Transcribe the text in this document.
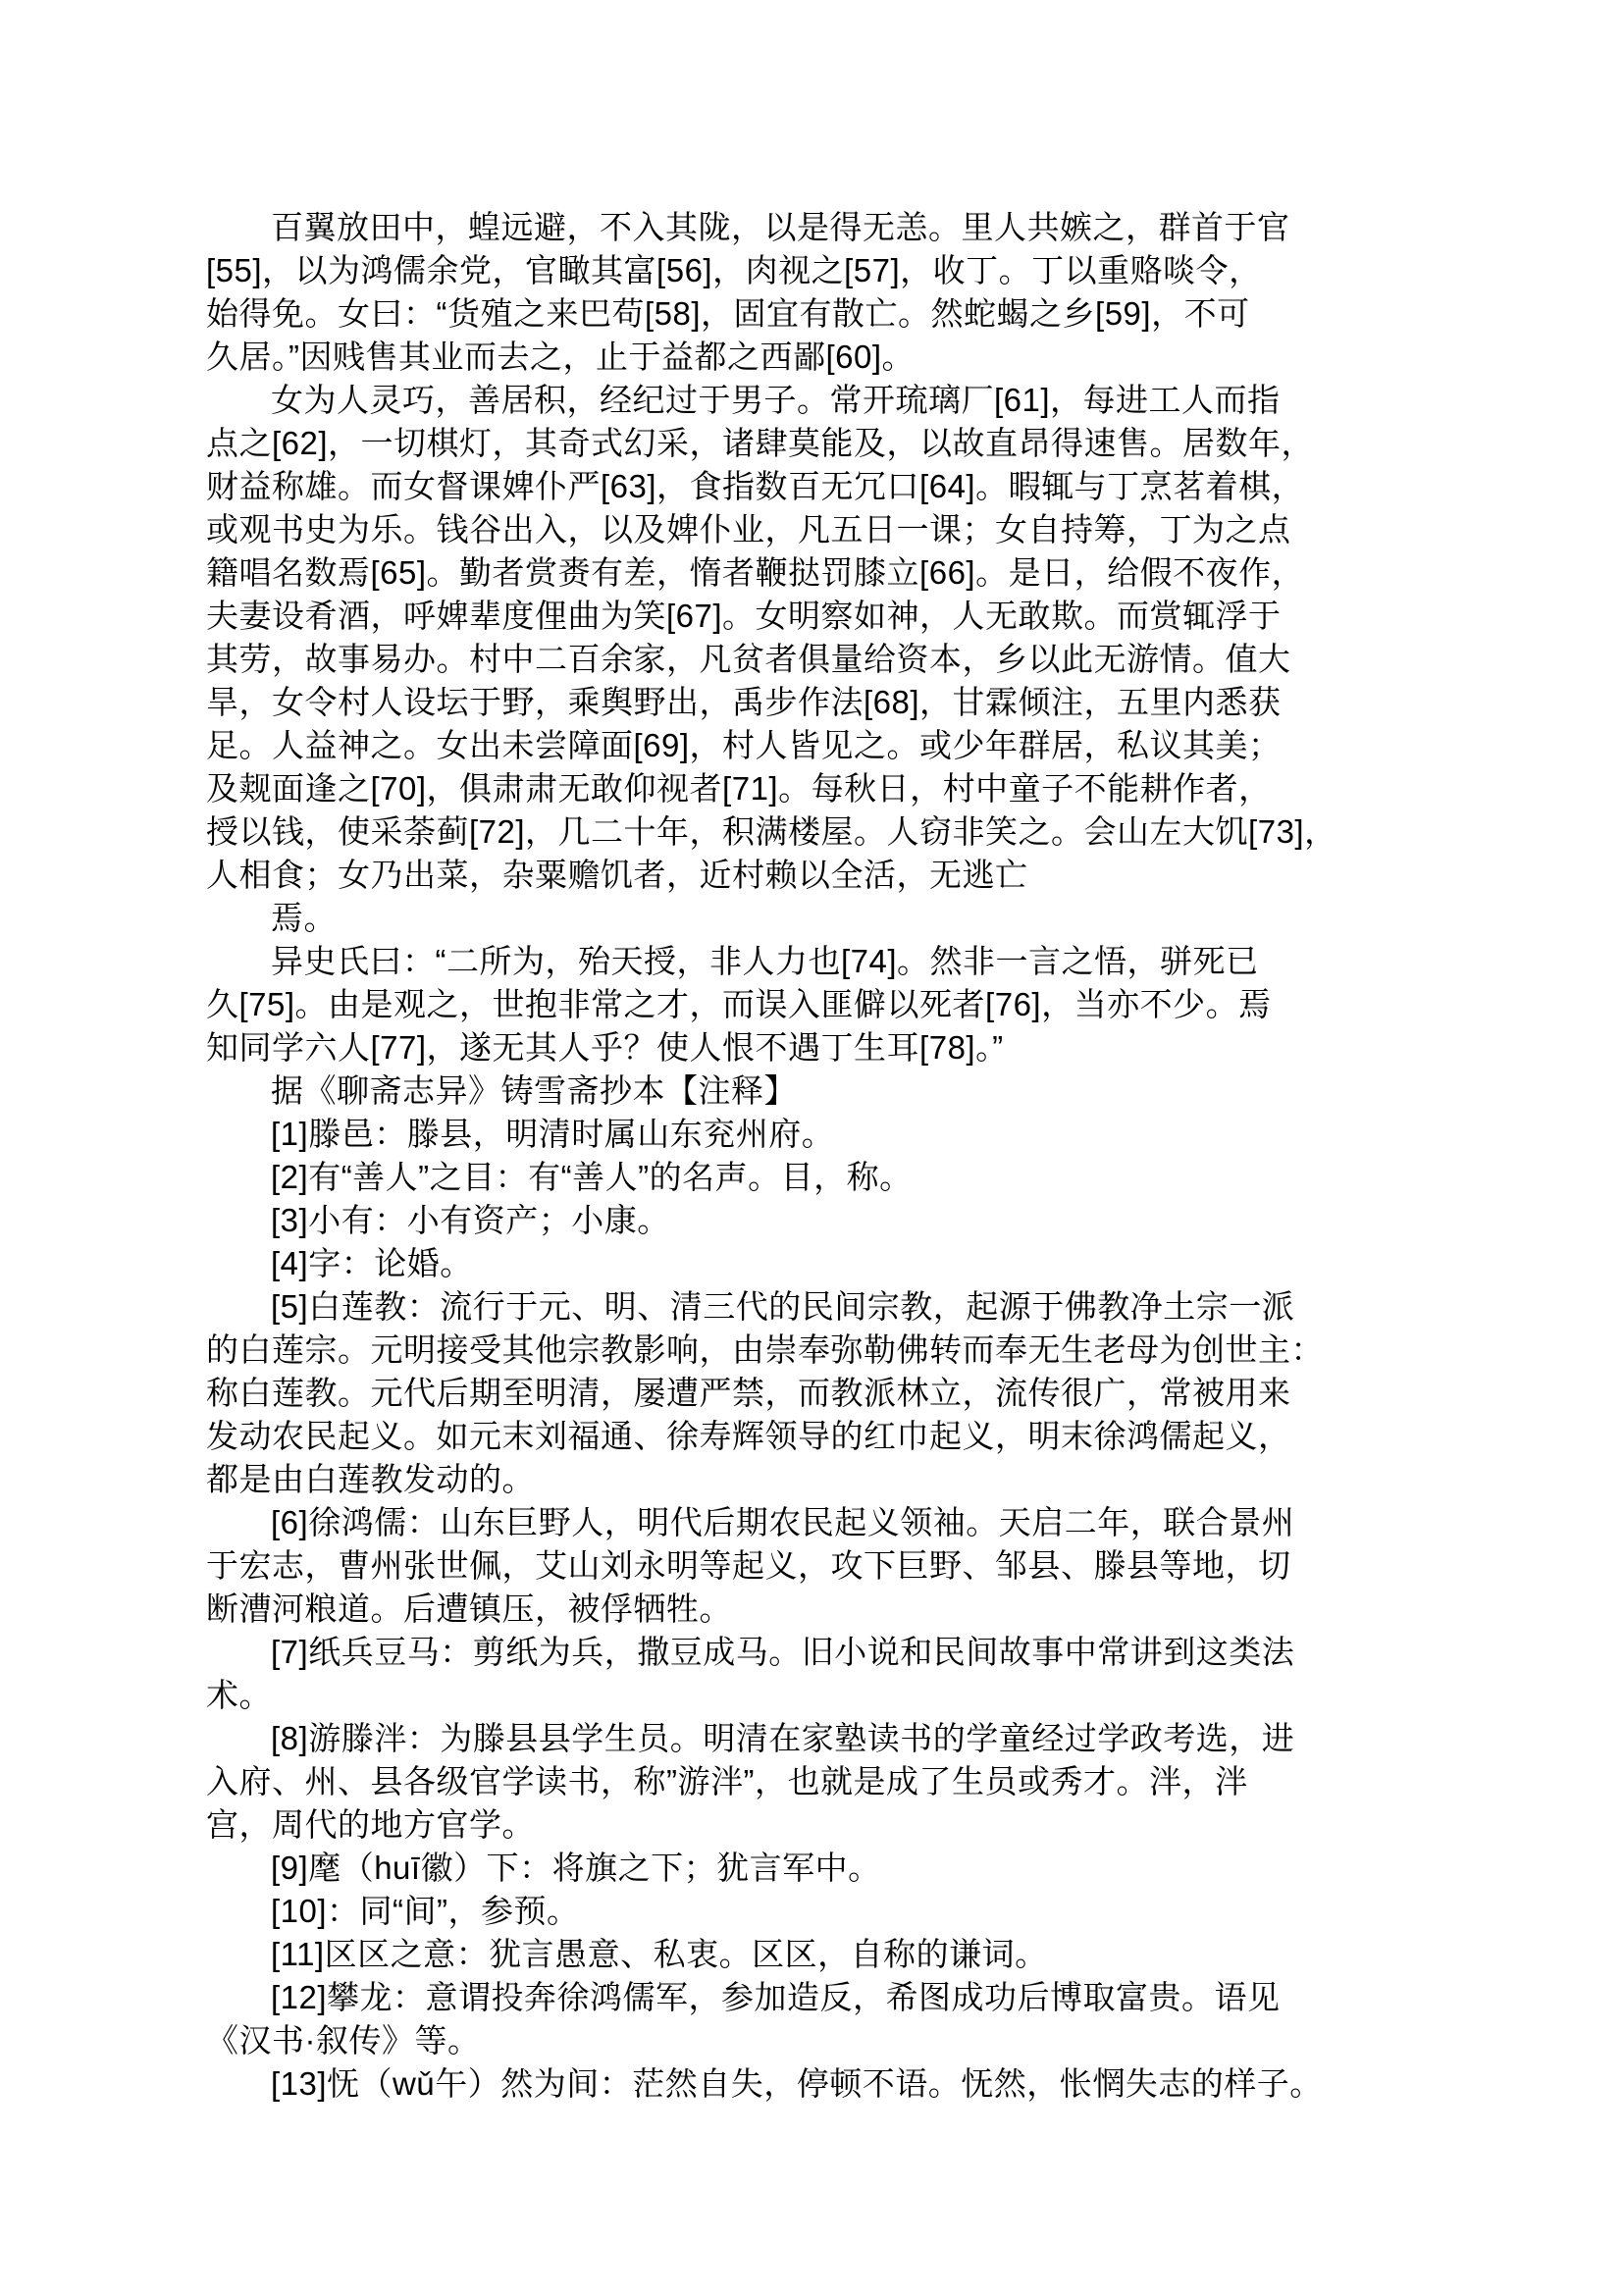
百翼放田中，蝗远避，不入其陇，以是得无恙。里人共嫉之，群首于官
[55]，以为鸿儒余党，官瞰其富[56]，肉视之[57]，收丁。丁以重赂啖令，
始得免。女曰：“货殖之来巴苟[58]，固宜有散亡。然蛇蝎之乡[59]，不可
久居。”因贱售其业而去之，止于益都之西鄙[60]。
女为人灵巧，善居积，经纪过于男子。常开琉璃厂[61]，每进工人而指
点之[62]，一切棋灯，其奇式幻采，诸肆莫能及，以故直昂得速售。居数年，
财益称雄。而女督课婢仆严[63]，食指数百无冗口[64]。暇辄与丁烹茗着棋，
或观书史为乐。钱谷出入，以及婢仆业，凡五日一课；女自持筹，丁为之点
籍唱名数焉[65]。勤者赏赉有差，惰者鞭挞罚膝立[66]。是日，给假不夜作，
夫妻设肴酒，呼婢辈度俚曲为笑[67]。女明察如神，人无敢欺。而赏辄浮于
其劳，故事易办。村中二百余家，凡贫者俱量给资本，乡以此无游情。值大
旱，女令村人设坛于野，乘舆野出，禹步作法[68]，甘霖倾注，五里内悉获
足。人益神之。女出未尝障面[69]，村人皆见之。或少年群居，私议其美；
及觌面逢之[70]，俱肃肃无敢仰视者[71]。每秋日，村中童子不能耕作者，
授以钱，使采荼蓟[72]，几二十年，积满楼屋。人窃非笑之。会山左大饥[73]，
人相食；女乃出菜，杂粟赡饥者，近村赖以全活，无逃亡
焉。
异史氏曰：“二所为，殆天授，非人力也[74]。然非一言之悟，骈死已
久[75]。由是观之，世抱非常之才，而误入匪僻以死者[76]，当亦不少。焉
知同学六人[77]，遂无其人乎？使人恨不遇丁生耳[78]。”
据《聊斋志异》铸雪斋抄本【注释】
[1]滕邑：滕县，明清时属山东兖州府。
[2]有“善人”之目：有“善人”的名声。目，称。
[3]小有：小有资产；小康。
[4]字：论婚。
[5]白莲教：流行于元、明、清三代的民间宗教，起源于佛教净土宗一派
的白莲宗。元明接受其他宗教影响，由崇奉弥勒佛转而奉无生老母为创世主：
称白莲教。元代后期至明清，屡遭严禁，而教派林立，流传很广，常被用来
发动农民起义。如元末刘福通、徐寿辉领导的红巾起义，明末徐鸿儒起义，
都是由白莲教发动的。
[6]徐鸿儒：山东巨野人，明代后期农民起义领袖。天启二年，联合景州
于宏志，曹州张世佩，艾山刘永明等起义，攻下巨野、邹县、滕县等地，切
断漕河粮道。后遭镇压，被俘牺牲。
[7]纸兵豆马：剪纸为兵，撒豆成马。旧小说和民间故事中常讲到这类法
术。
[8]游滕泮：为滕县县学生员。明清在家塾读书的学童经过学政考选，进
入府、州、县各级官学读书，称”游泮”，也就是成了生员或秀才。泮，泮
宫，周代的地方官学。
[9]麾（huī徽）下：将旗之下；犹言军中。
[10]：同“间”，参预。
[11]区区之意：犹言愚意、私衷。区区，自称的谦词。
[12]攀龙：意谓投奔徐鸿儒军，参加造反，希图成功后博取富贵。语见
《汉书·叙传》等。
[13]怃（wǔ午）然为间：茫然自失，停顿不语。怃然，怅惘失志的样子。
